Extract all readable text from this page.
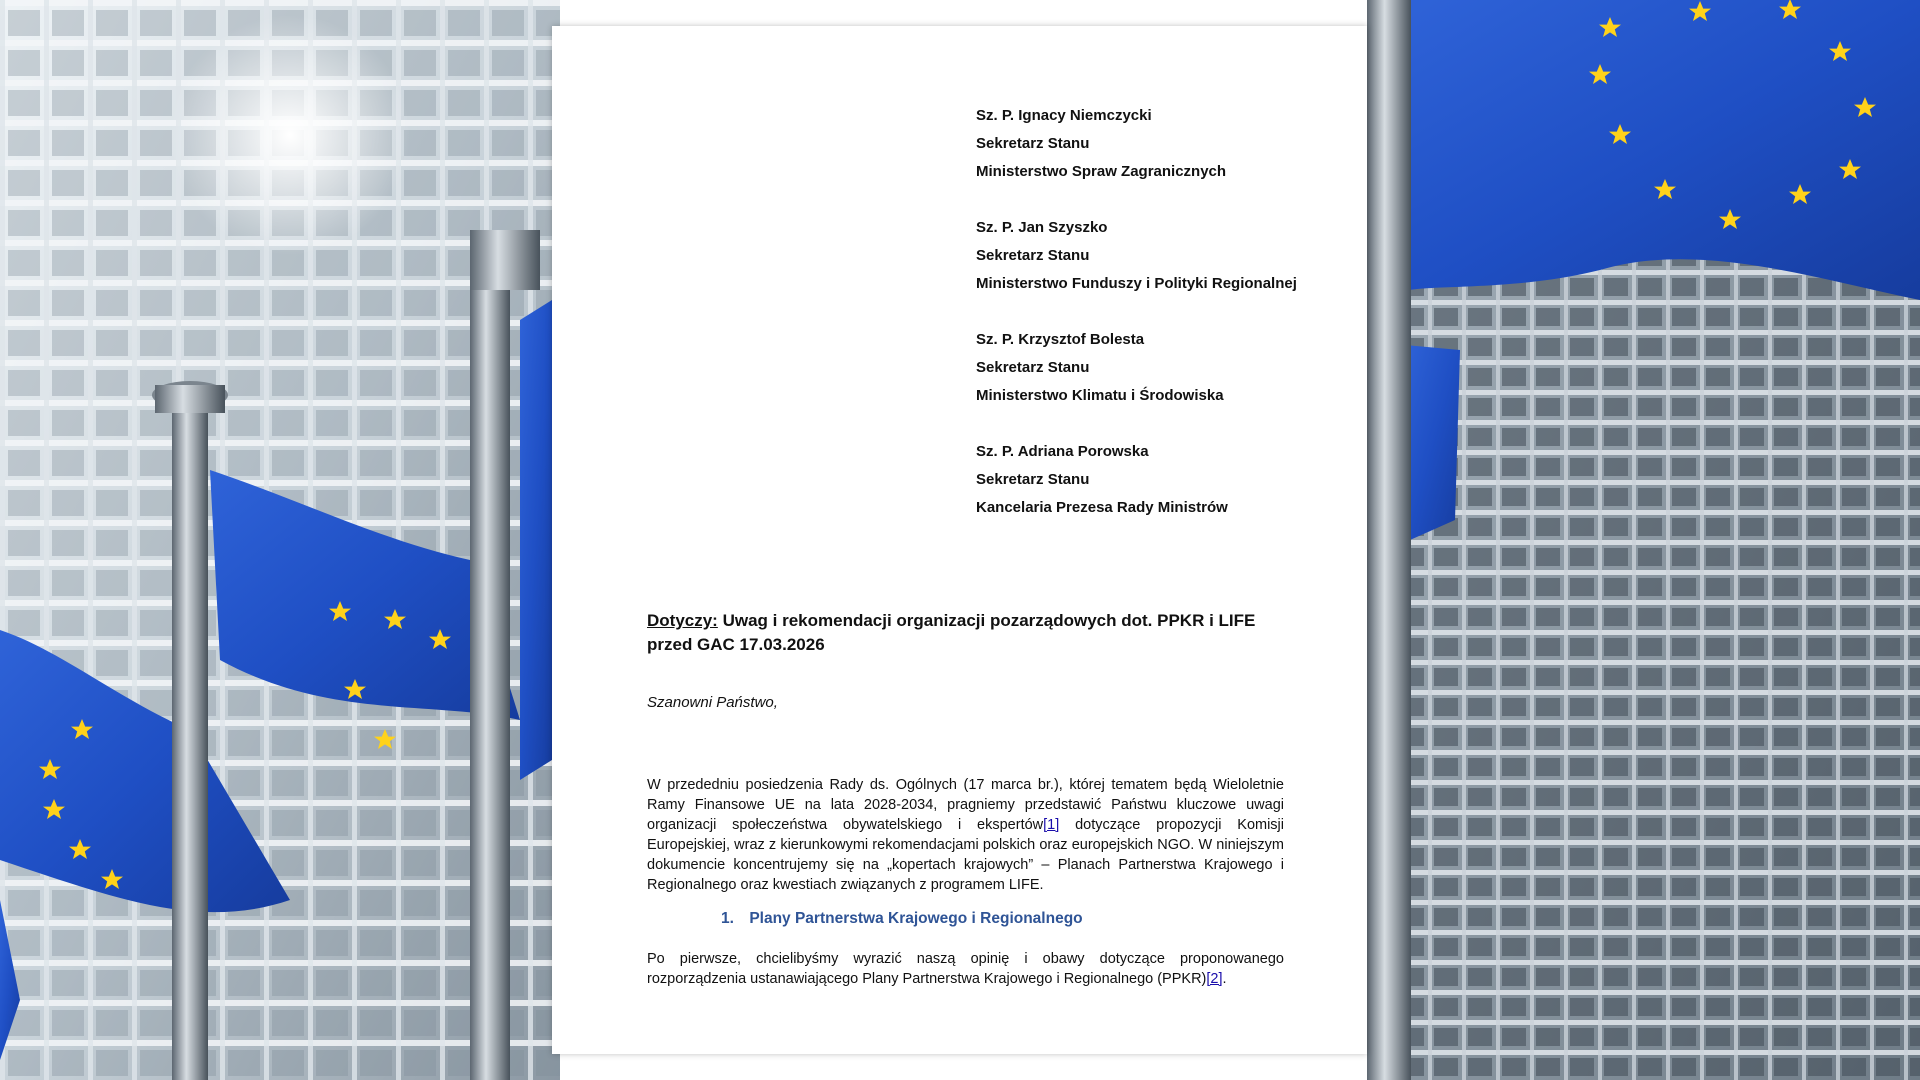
Sz. P. Ignacy Niemczycki
Sekretarz Stanu
Ministerstwo Spraw Zagranicznych
Sz. P. Jan Szyszko
Sekretarz Stanu
Ministerstwo Funduszy i Polityki Regionalnej
Sz. P. Krzysztof Bolesta
Sekretarz Stanu
Ministerstwo Klimatu i Środowiska
Sz. P. Adriana Porowska
Sekretarz Stanu
Kancelaria Prezesa Rady Ministrów
Dotyczy: Uwag i rekomendacji organizacji pozarządowych dot. PPKR i LIFE przed GAC 17.03.2026
Szanowni Państwo,
W przededniu posiedzenia Rady ds. Ogólnych (17 marca br.), której tematem będą Wieloletnie Ramy Finansowe UE na lata 2028-2034, pragniemy przedstawić Państwu kluczowe uwagi organizacji społeczeństwa obywatelskiego i ekspertów[1] dotyczące propozycji Komisji Europejskiej, wraz z kierunkowymi rekomendacjami polskich oraz europejskich NGO. W niniejszym dokumencie koncentrujemy się na „kopertach krajowych” – Planach Partnerstwa Krajowego i Regionalnego oraz kwestiach związanych z programem LIFE.
1. Plany Partnerstwa Krajowego i Regionalnego
Po pierwsze, chcielibyśmy wyrazić naszą opinię i obawy dotyczące proponowanego rozporządzenia ustanawiającego Plany Partnerstwa Krajowego i Regionalnego (PPKR)[2].
